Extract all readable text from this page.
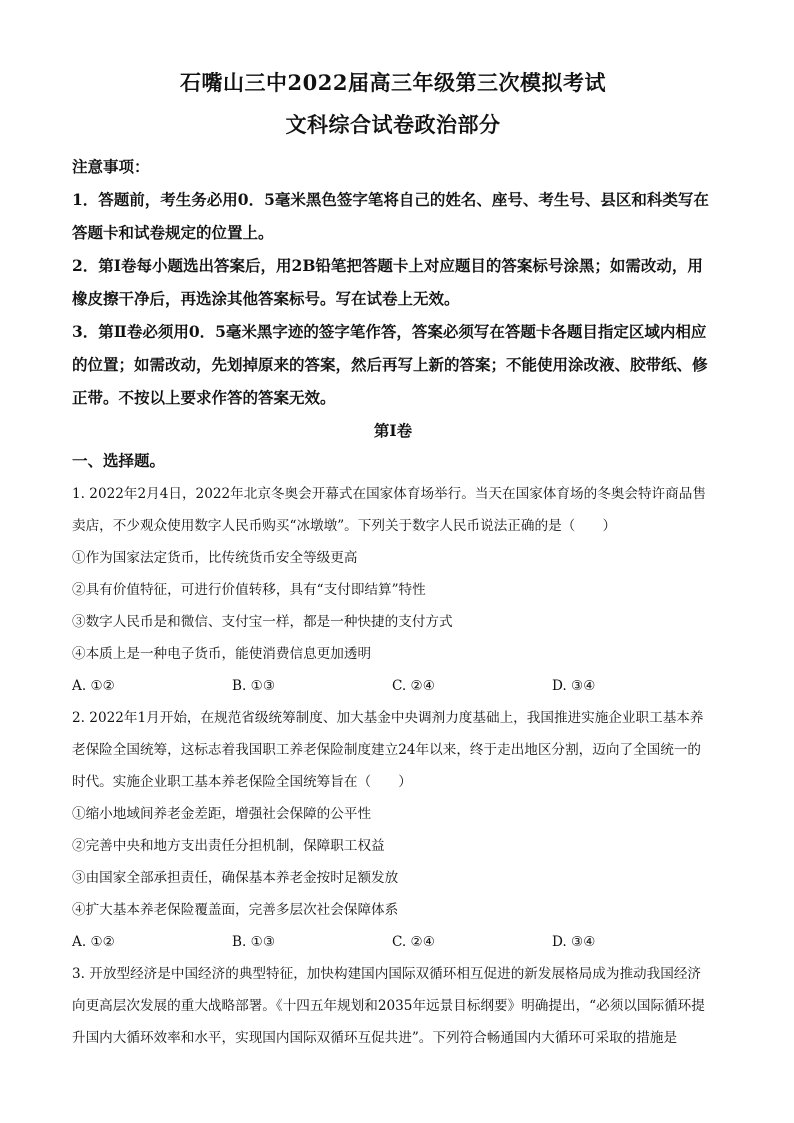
石嘴山三中2022届高三年级第三次模拟考试
文科综合试卷政治部分
注意事项：
1．答题前，考生务必用0．5毫米黑色签字笔将自己的姓名、座号、考生号、县区和科类写在答题卡和试卷规定的位置上。
2．第Ⅰ卷每小题选出答案后，用2B铅笔把答题卡上对应题目的答案标号涂黑；如需改动，用橡皮擦干净后，再选涂其他答案标号。写在试卷上无效。
3．第Ⅱ卷必须用0．5毫米黑字迹的签字笔作答，答案必须写在答题卡各题目指定区域内相应的位置；如需改动，先划掉原来的答案，然后再写上新的答案；不能使用涂改液、胶带纸、修正带。不按以上要求作答的答案无效。
第Ⅰ卷
一、选择题。
1. 2022年2月4日，2022年北京冬奥会开幕式在国家体育场举行。当天在国家体育场的冬奥会特许商品售卖店，不少观众使用数字人民币购买“冰墩墩”。下列关于数字人民币说法正确的是（　　）
①作为国家法定货币，比传统货币安全等级更高
②具有价值特征，可进行价值转移，具有“支付即结算”特性
③数字人民币是和微信、支付宝一样，都是一种快捷的支付方式
④本质上是一种电子货币，能使消费信息更加透明
A. ①②	B. ①③	C. ②④	D. ③④
2. 2022年1月开始，在规范省级统筹制度、加大基金中央调剂力度基础上，我国推进实施企业职工基本养老保险全国统筹，这标志着我国职工养老保险制度建立24年以来，终于走出地区分割，迈向了全国统一的时代。实施企业职工基本养老保险全国统筹旨在（　　）
①缩小地域间养老金差距，增强社会保障的公平性
②完善中央和地方支出责任分担机制，保障职工权益
③由国家全部承担责任，确保基本养老金按时足额发放
④扩大基本养老保险覆盖面，完善多层次社会保障体系
A. ①②	B. ①③	C. ②④	D. ③④
3. 开放型经济是中国经济的典型特征，加快构建国内国际双循环相互促进的新发展格局成为推动我国经济向更高层次发展的重大战略部署。《十四五年规划和2035年远景目标纲要》明确提出，“必须以国际循环提升国内大循环效率和水平，实现国内国际双循环互促共进”。下列符合畅通国内大循环可采取的措施是
